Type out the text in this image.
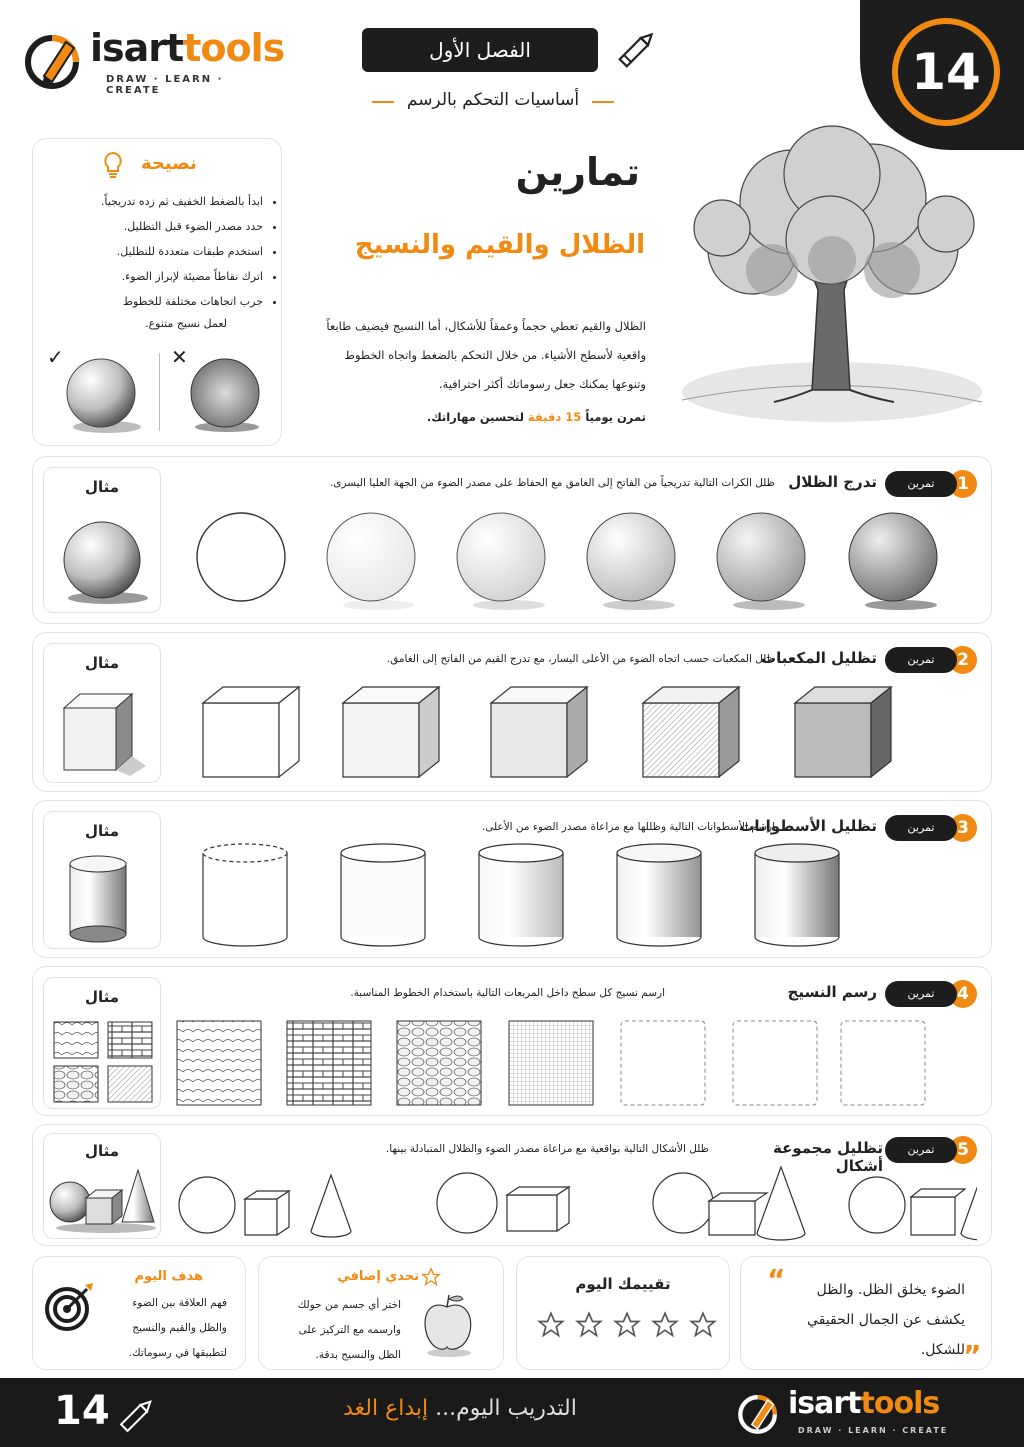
isarttools
DRAW · LEARN · CREATE
الفصل الأول
أساسيات التحكم بالرسم	14
نصيحة
• ابدأ بالضغط الخفيف ثم زده تدريجياً.
• حدد مصدر الضوء قبل التظليل.
• استخدم طبقات متعددة للتظليل.
• اترك نقاطاً مضيئة لإبراز الضوء.
• جرب اتجاهات مختلفة للخطوط
لعمل نسيج متنوع.
✓	✕
تمارين
الظلال والقيم والنسيج
الظلال والقيم تعطي حجماً وعمقاً للأشكال، أما النسيج فيضيف طابعاً
واقعية لأسطح الأشياء. من خلال التحكم بالضغط واتجاه الخطوط
وتنوعها يمكنك جعل رسوماتك أكثر احترافية.
تمرن يومياً 15 دقيقة لتحسين مهاراتك.
1
تمرين
تدرج الظلال
ظلل الكرات التالية تدريجياً من الفاتح إلى الغامق مع الحفاظ على مصدر الضوء من الجهة العليا اليسرى.
مثال
2
تمرين
تظليل المكعبات
ظلل المكعبات حسب اتجاه الضوء من الأعلى اليسار، مع تدرج القيم من الفاتح إلى الغامق.
مثال
3
تمرين
تظليل الأسطوانات
ارسم الأسطوانات التالية وظللها مع مراعاة مصدر الضوء من الأعلى.
مثال
4
تمرين
رسم النسيج
ارسم نسيج كل سطح داخل المربعات التالية باستخدام الخطوط المناسبة.
مثال
5
تمرين
تظليل مجموعة أشكال
ظلل الأشكال التالية بواقعية مع مراعاة مصدر الضوء والظلال المتبادلة بينها.
مثال
“	الضوء يخلق الظل. والظل
يكشف عن الجمال الحقيقي
للشكل.
”
تقييمك اليوم
تحدي إضافي
اختر أي جسم من حولك
وارسمه مع التركيز على
الظل والنسيج بدقة.
هدف اليوم
فهم العلاقة بين الضوء
والظل والقيم والنسيج
لتطبيقها في رسوماتك.
14	التدريب اليوم... إبداع الغد	isarttools
DRAW · LEARN · CREATE
